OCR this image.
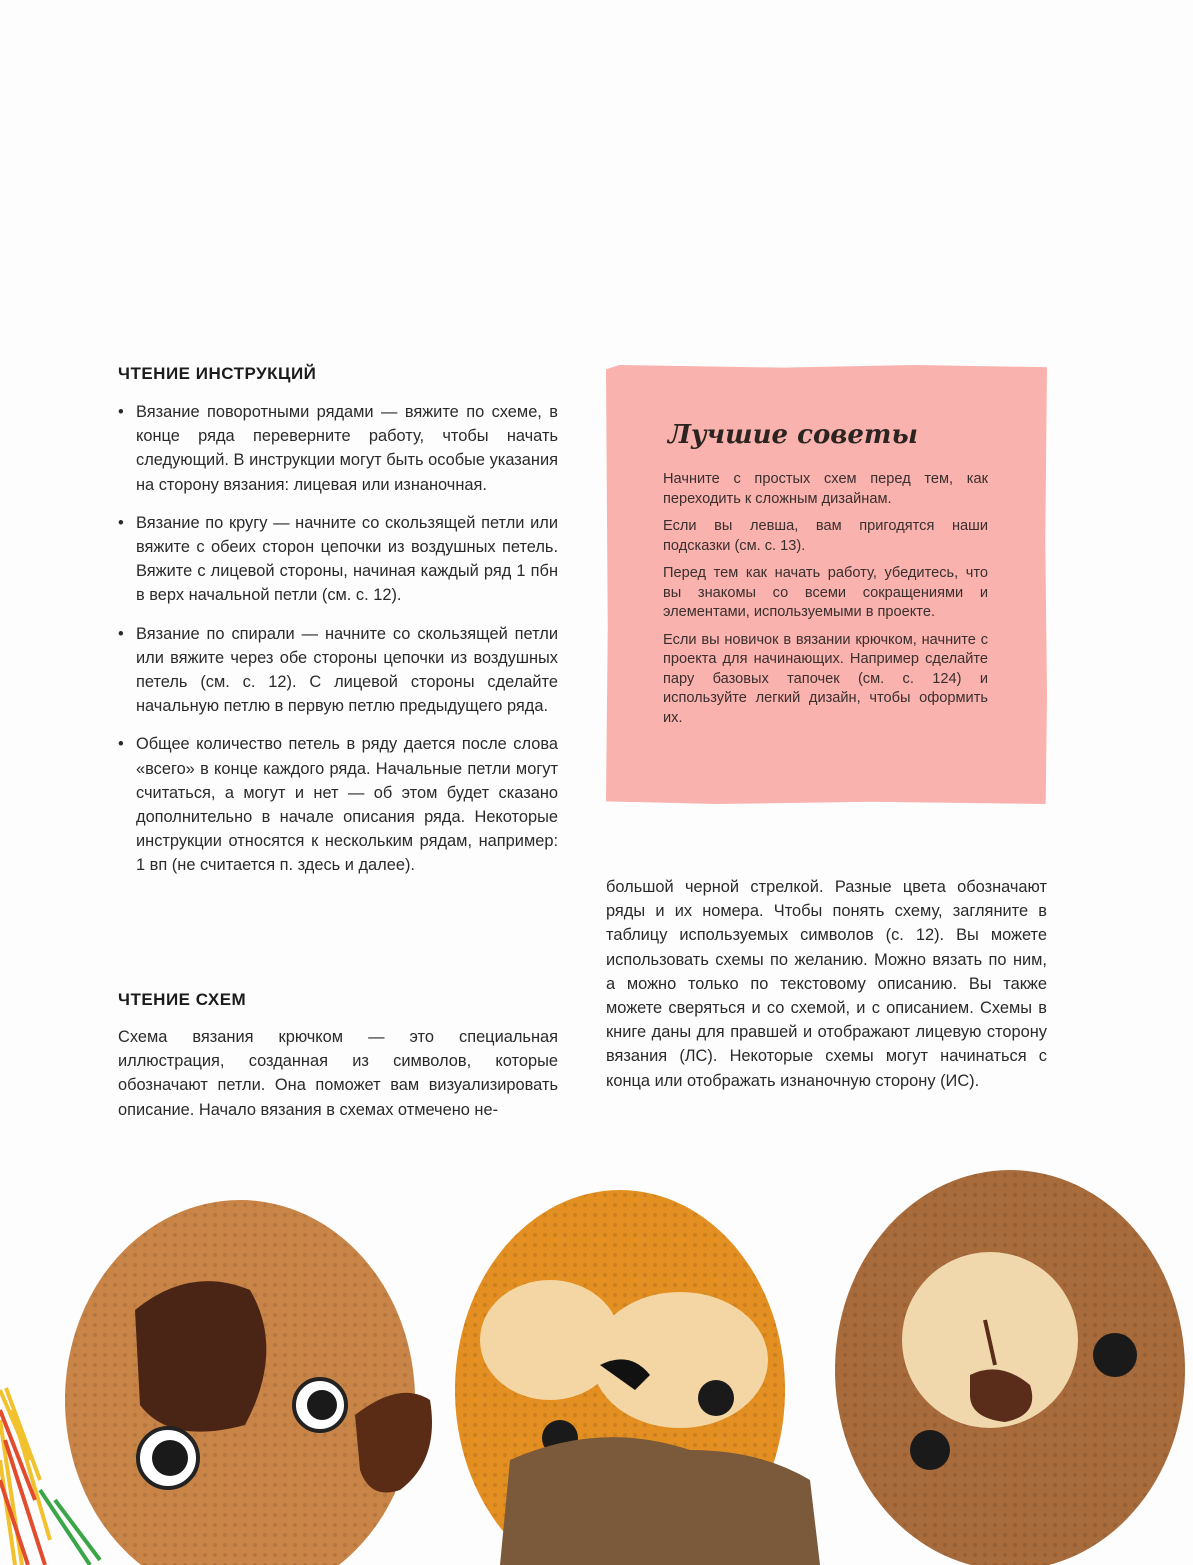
ЧТЕНИЕ ИНСТРУКЦИЙ
• Вязание поворотными рядами — вяжите по схеме, в конце ряда переверните работу, чтобы начать следующий. В инструкции могут быть особые указания на сторону вязания: лицевая или изнаночная.
• Вязание по кругу — начните со скользящей петли или вяжите с обеих сторон цепочки из воздушных петель. Вяжите с лицевой стороны, начиная каждый ряд 1 пбн в верх начальной петли (см. с. 12).
• Вязание по спирали — начните со скользящей петли или вяжите через обе стороны цепочки из воздушных петель (см. с. 12). С лицевой стороны сделайте начальную петлю в первую петлю предыдущего ряда.
• Общее количество петель в ряду дается после слова «всего» в конце каждого ряда. Начальные петли могут считаться, а могут и нет — об этом будет сказано дополнительно в начале описания ряда. Некоторые инструкции относятся к нескольким рядам, например: 1 вп (не считается п. здесь и далее).
ЧТЕНИЕ СХЕМ

Схема вязания крючком — это специальная иллюстрация, созданная из символов, которые обозначают петли. Она поможет вам визуализировать описание. Начало вязания в схемах отмечено не-

большой черной стрелкой. Разные цвета обозначают ряды и их номера. Чтобы понять схему, загляните в таблицу используемых символов (с. 12). Вы можете использовать схемы по желанию. Можно вязать по ним, а можно только по текстовому описанию. Вы также можете сверяться и со схемой, и с описанием. Схемы в книге даны для правшей и отображают лицевую сторону вязания (ЛС). Некоторые схемы могут начинаться с конца или отображать изнаночную сторону (ИС).

Лучшие советы

Начните с простых схем перед тем, как переходить к сложным дизайнам.

Если вы левша, вам пригодятся наши подсказки (см. с. 13).

Перед тем как начать работу, убедитесь, что вы знакомы со всеми сокращениями и элементами, используемыми в проекте.

Если вы новичок в вязании крючком, начните с проекта для начинающих. Например сделайте пару базовых тапочек (см. с. 124) и используйте легкий дизайн, чтобы оформить их.
